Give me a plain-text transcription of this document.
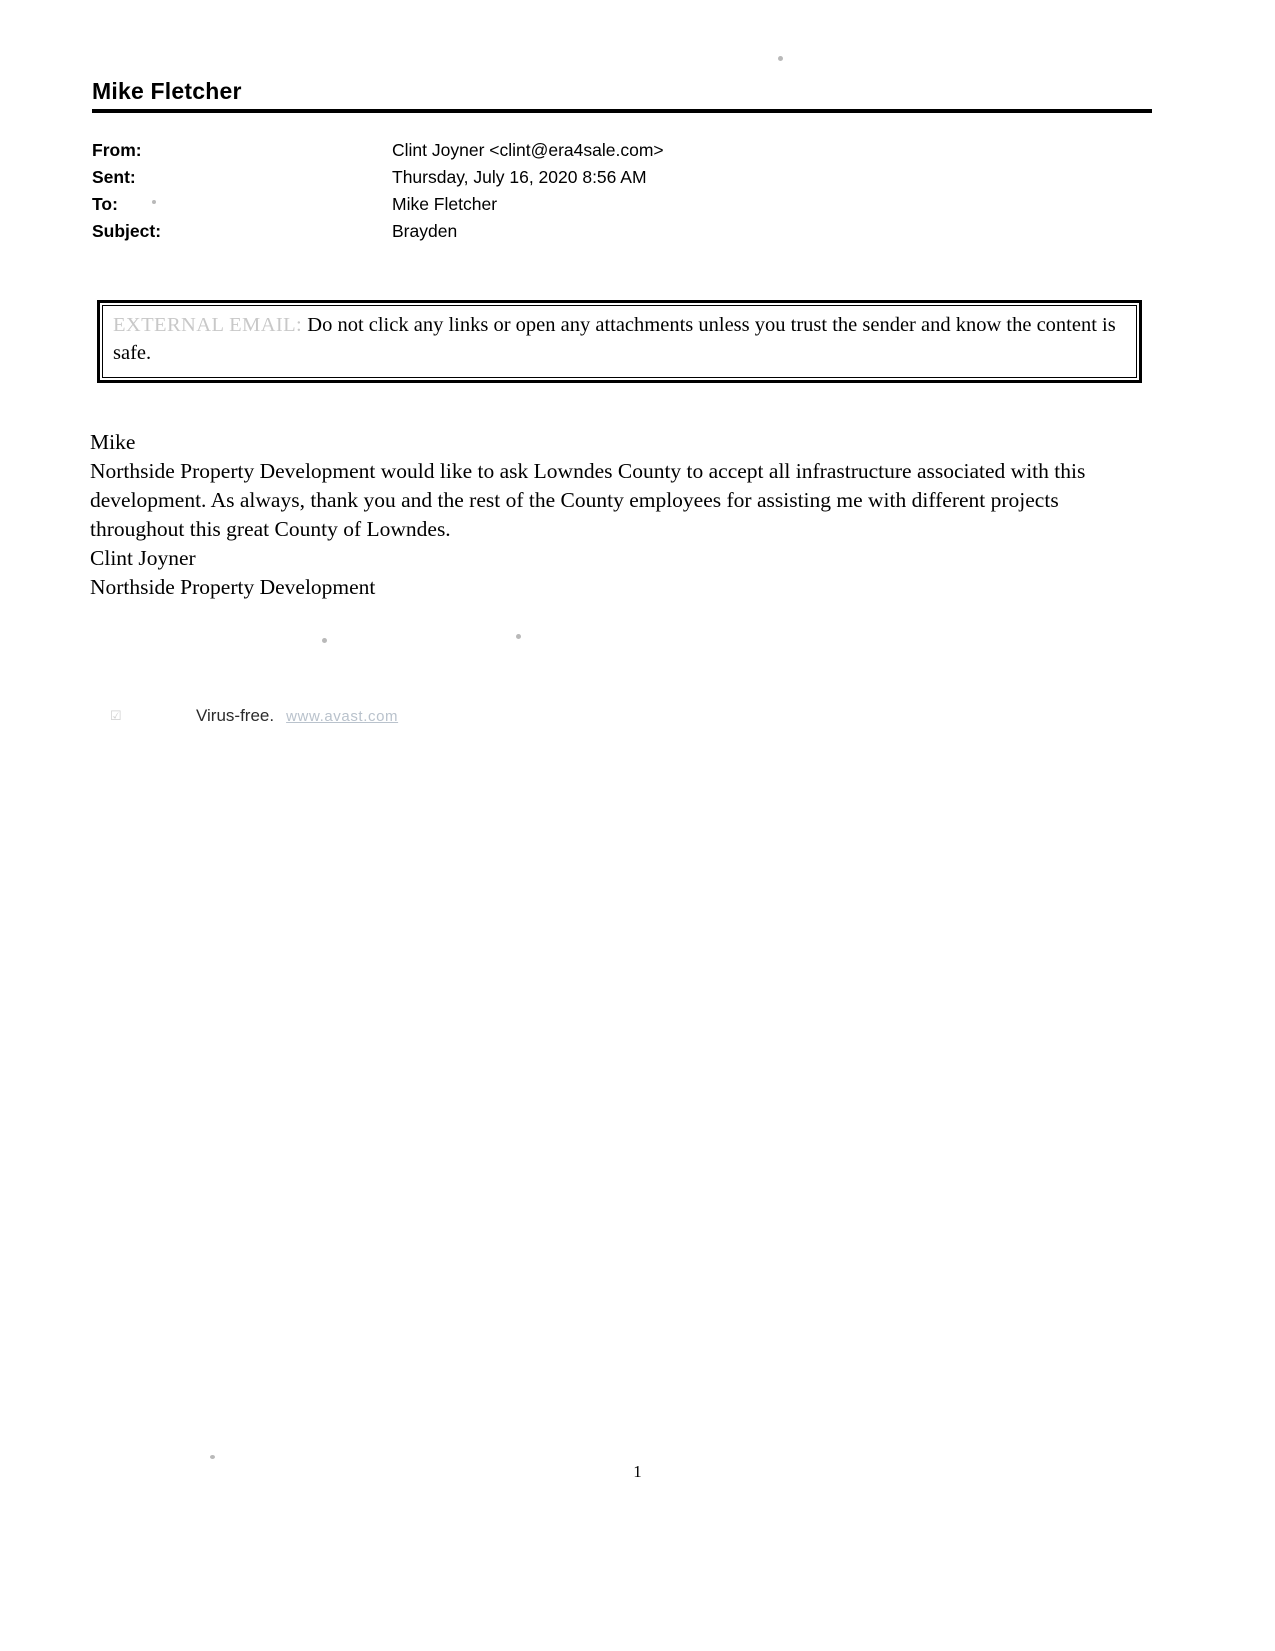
Mike Fletcher
From:	Clint Joyner <clint@era4sale.com>
Sent:	Thursday, July 16, 2020 8:56 AM
To:	Mike Fletcher
Subject:	Brayden
EXTERNAL EMAIL: Do not click any links or open any attachments unless you trust the sender and know the content is safe.

Mike

Northside Property Development would like to ask Lowndes County to accept all infrastructure associated with this development. As always, thank you and the rest of the County employees for assisting me with different projects throughout this great County of Lowndes.

Clint Joyner

Northside Property Development

☑	Virus-free. www.avast.com
1
